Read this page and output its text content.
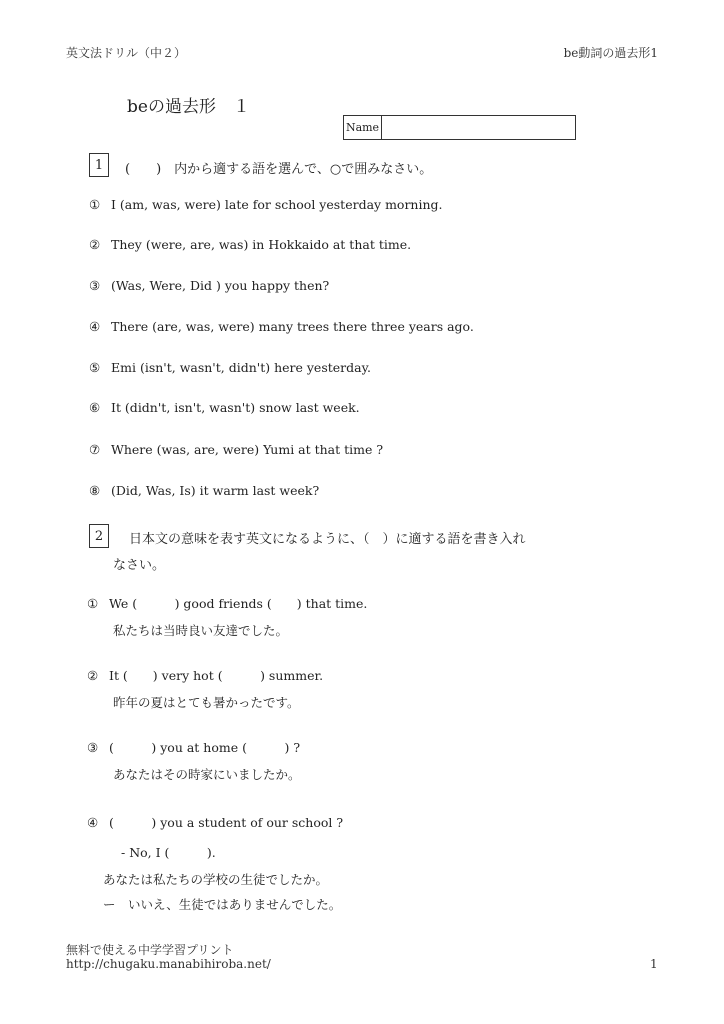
英文法ドリル（中２）	be動詞の過去形1
beの過去形　１
Name
1	(　　)　内から適する語を選んで、○で囲みなさい。
① I (am, was, were) late for school yesterday morning.
② They (were, are, was) in Hokkaido at that time.
③ (Was, Were, Did ) you happy then?
④ There (are, was, were) many trees there three years ago.
⑤ Emi (isn't, wasn't, didn't) here yesterday.
⑥ It (didn't, isn't, wasn't) snow last week.
⑦ Where (was, are, were) Yumi at that time ?
⑧ (Did, Was, Is) it warm last week?
2	日本文の意味を表す英文になるように、（　）に適する語を書き入れ
なさい。
① We (　　　) good friends (　　) that time.
私たちは当時良い友達でした。
② It (　　) very hot (　　　) summer.
昨年の夏はとても暑かったです。
③ (　　　) you at home (　　　) ?
あなたはその時家にいましたか。
④ (　　　) you a student of our school ?
- No, I (　　　).
あなたは私たちの学校の生徒でしたか。
ー　いいえ、生徒ではありませんでした。
無料で使える中学学習プリント
http://chugaku.manabihiroba.net/	1
